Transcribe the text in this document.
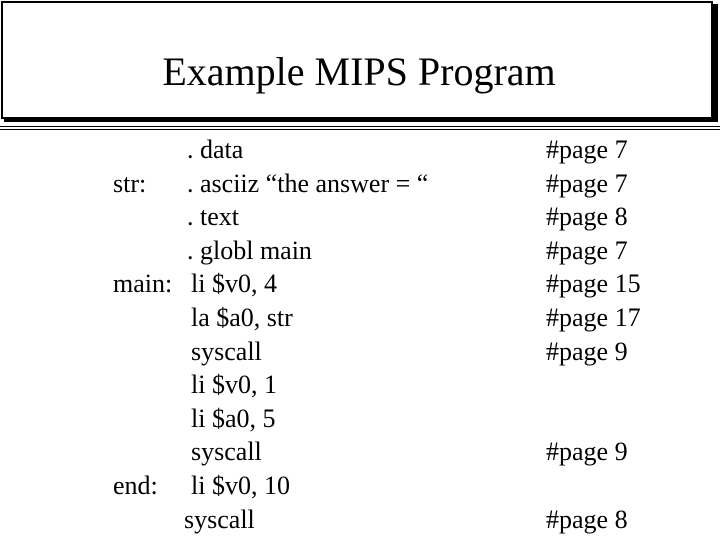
Example MIPS Program
. data	#page 7
str: . asciiz “the answer = “	#page 7
. text	#page 8
. globl main	#page 7
main: li $v0, 4	#page 15
la $a0, str	#page 17
syscall	#page 9
li $v0, 1
li $a0, 5
syscall	#page 9
end: li $v0, 10
syscall	#page 8
